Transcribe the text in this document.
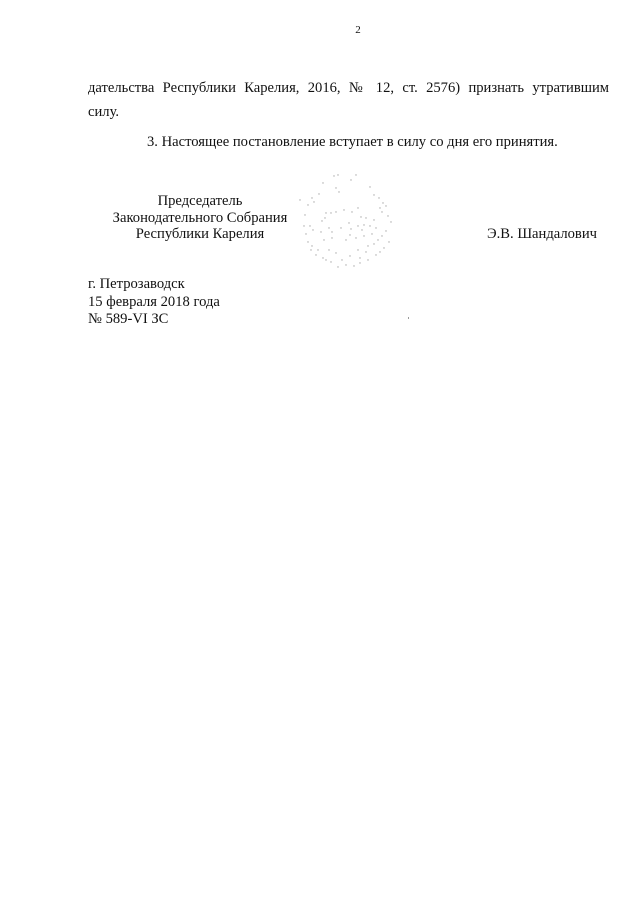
2
дательства Республики Карелия, 2016, № 12, ст. 2576) признать утратившим
силу.
3. Настоящее постановление вступает в силу со дня его принятия.
Председатель
Законодательного Собрания
Республики Карелия	Э.В. Шандалович
г. Петрозаводск
15 февраля 2018 года
№ 589-VI ЗС
